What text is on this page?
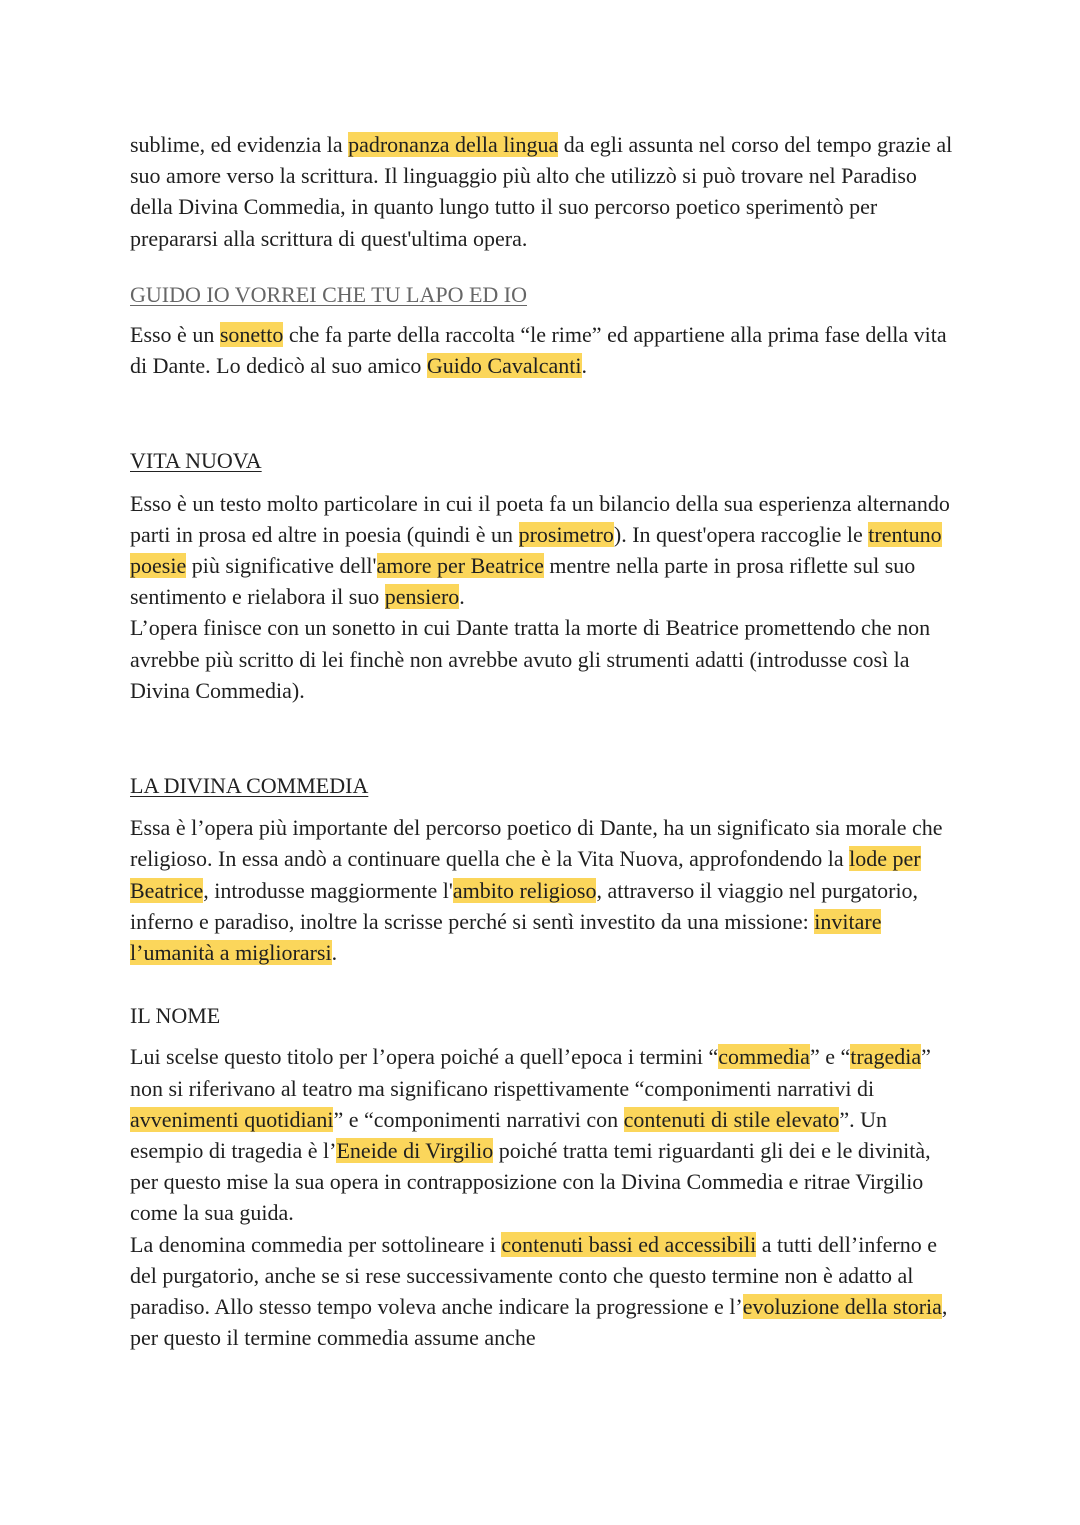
sublime, ed evidenzia la padronanza della lingua da egli assunta nel corso del tempo grazie al suo amore verso la scrittura. Il linguaggio più alto che utilizzò si può trovare nel Paradiso della Divina Commedia, in quanto lungo tutto il suo percorso poetico sperimentò per prepararsi alla scrittura di quest'ultima opera.

GUIDO IO VORREI CHE TU LAPO ED IO

Esso è un sonetto che fa parte della raccolta “le rime” ed appartiene alla prima fase della vita di Dante. Lo dedicò al suo amico Guido Cavalcanti.

VITA NUOVA

Esso è un testo molto particolare in cui il poeta fa un bilancio della sua esperienza alternando parti in prosa ed altre in poesia (quindi è un prosimetro). In quest'opera raccoglie le trentuno poesie più significative dell'amore per Beatrice mentre nella parte in prosa riflette sul suo sentimento e rielabora il suo pensiero.

L’opera finisce con un sonetto in cui Dante tratta la morte di Beatrice promettendo che non avrebbe più scritto di lei finchè non avrebbe avuto gli strumenti adatti (introdusse così la Divina Commedia).

LA DIVINA COMMEDIA

Essa è l’opera più importante del percorso poetico di Dante, ha un significato sia morale che religioso. In essa andò a continuare quella che è la Vita Nuova, approfondendo la lode per Beatrice, introdusse maggiormente l'ambito religioso, attraverso il viaggio nel purgatorio, inferno e paradiso, inoltre la scrisse perché si sentì investito da una missione: invitare l’umanità a migliorarsi.

IL NOME

Lui scelse questo titolo per l’opera poiché a quell’epoca i termini “commedia” e “tragedia” non si riferivano al teatro ma significano rispettivamente “componimenti narrativi di avvenimenti quotidiani” e “componimenti narrativi con contenuti di stile elevato”. Un esempio di tragedia è l’Eneide di Virgilio poiché tratta temi riguardanti gli dei e le divinità, per questo mise la sua opera in contrapposizione con la Divina Commedia e ritrae Virgilio come la sua guida.

La denomina commedia per sottolineare i contenuti bassi ed accessibili a tutti dell’inferno e del purgatorio, anche se si rese successivamente conto che questo termine non è adatto al paradiso. Allo stesso tempo voleva anche indicare la progressione e l’evoluzione della storia, per questo il termine commedia assume anche
